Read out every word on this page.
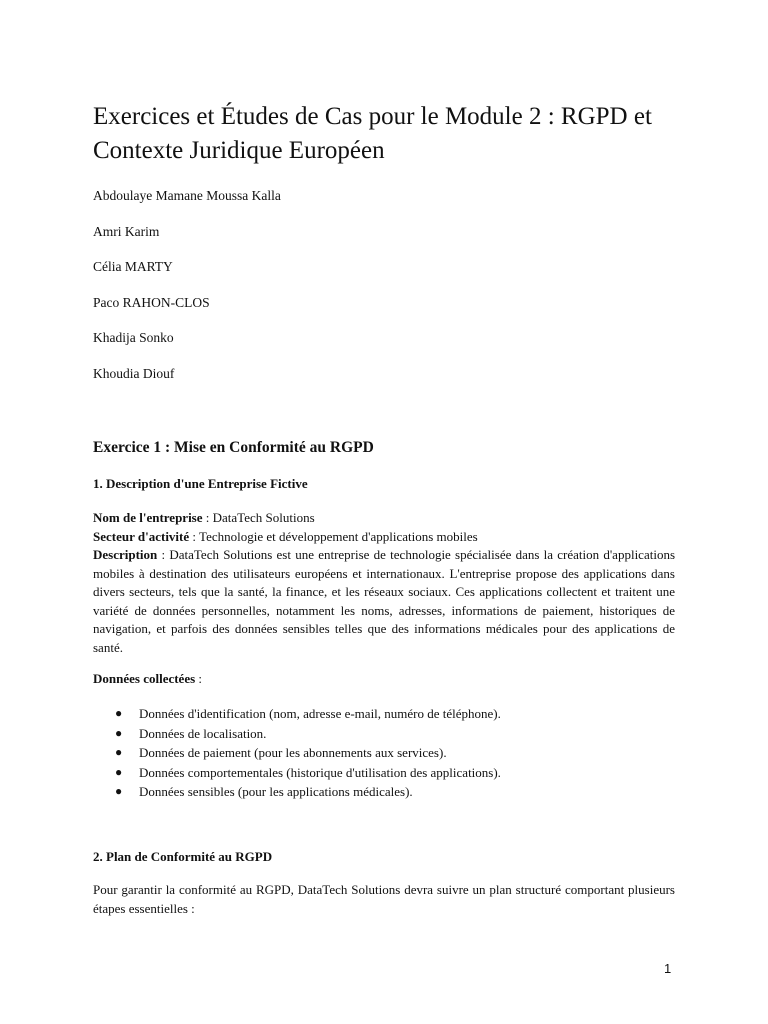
Exercices et Études de Cas pour le Module 2 : RGPD et Contexte Juridique Européen
Abdoulaye Mamane Moussa Kalla
Amri Karim
Célia MARTY
Paco RAHON-CLOS
Khadija Sonko
Khoudia Diouf
Exercice 1 : Mise en Conformité au RGPD
1. Description d'une Entreprise Fictive
Nom de l'entreprise : DataTech Solutions
Secteur d'activité : Technologie et développement d'applications mobiles
Description : DataTech Solutions est une entreprise de technologie spécialisée dans la création d'applications mobiles à destination des utilisateurs européens et internationaux. L'entreprise propose des applications dans divers secteurs, tels que la santé, la finance, et les réseaux sociaux. Ces applications collectent et traitent une variété de données personnelles, notamment les noms, adresses, informations de paiement, historiques de navigation, et parfois des données sensibles telles que des informations médicales pour des applications de santé.

Données collectées :

● Données d'identification (nom, adresse e-mail, numéro de téléphone).
● Données de localisation.
● Données de paiement (pour les abonnements aux services).
● Données comportementales (historique d'utilisation des applications).
● Données sensibles (pour les applications médicales).
2. Plan de Conformité au RGPD

Pour garantir la conformité au RGPD, DataTech Solutions devra suivre un plan structuré comportant plusieurs étapes essentielles :

1
